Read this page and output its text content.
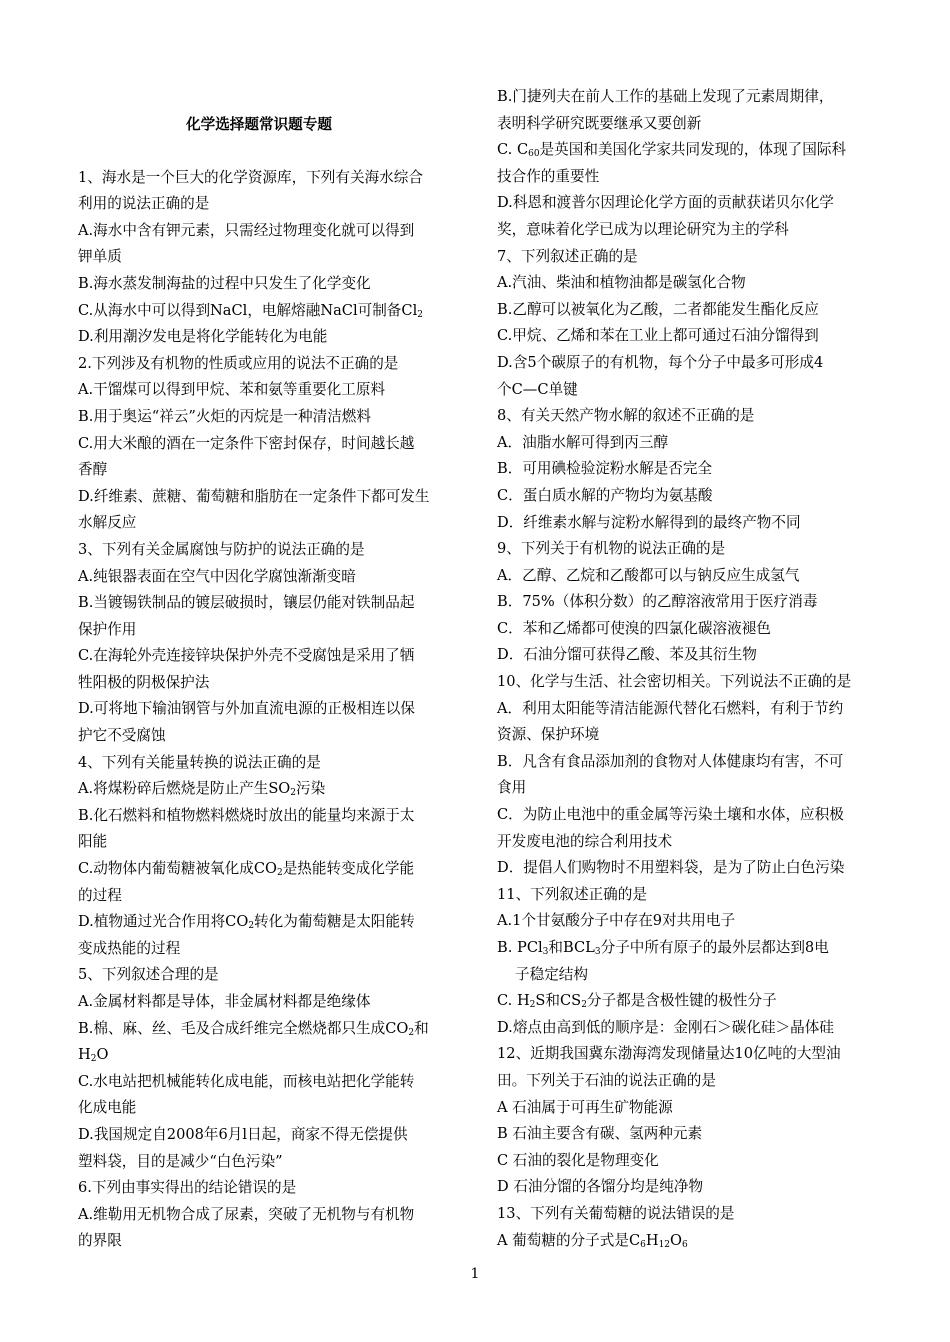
化学选择题常识题专题
1、海水是一个巨大的化学资源库，下列有关海水综合
利用的说法正确的是
A.海水中含有钾元素，只需经过物理变化就可以得到
钾单质
B.海水蒸发制海盐的过程中只发生了化学变化
C.从海水中可以得到NaCl，电解熔融NaCl可制备$Cl_2$
D.利用潮汐发电是将化学能转化为电能
2.下列涉及有机物的性质或应用的说法不正确的是
A.干馏煤可以得到甲烷、苯和氨等重要化工原料
B.用于奥运“祥云”火炬的丙烷是一种清洁燃料
C.用大米酿的酒在一定条件下密封保存，时间越长越
香醇
D.纤维素、蔗糖、葡萄糖和脂肪在一定条件下都可发生
水解反应
3、下列有关金属腐蚀与防护的说法正确的是
A.纯银器表面在空气中因化学腐蚀渐渐变暗
B.当镀锡铁制品的镀层破损时，镶层仍能对铁制品起
保护作用
C.在海轮外壳连接锌块保护外壳不受腐蚀是采用了牺
牲阳极的阴极保护法
D.可将地下输油钢管与外加直流电源的正极相连以保
护它不受腐蚀
4、下列有关能量转换的说法正确的是
A.将煤粉碎后燃烧是防止产生$SO_2$污染
B.化石燃料和植物燃料燃烧时放出的能量均来源于太
阳能
C.动物体内葡萄糖被氧化成$CO_2$是热能转变成化学能
的过程
D.植物通过光合作用将$CO_2$转化为葡萄糖是太阳能转
变成热能的过程
5、下列叙述合理的是
A.金属材料都是导体，非金属材料都是绝缘体
B.棉、麻、丝、毛及合成纤维完全燃烧都只生成$CO_2$和
$H_2O$
C.水电站把机械能转化成电能，而核电站把化学能转
化成电能
D.我国规定自2008年6月l日起，商家不得无偿提供
塑料袋，目的是减少“白色污染”
6.下列由事实得出的结论错误的是
A.维勒用无机物合成了尿素，突破了无机物与有机物
的界限
B.门捷列夫在前人工作的基础上发现了元素周期律，
表明科学研究既要继承又要创新
C. $C_{60}$是英国和美国化学家共同发现的，体现了国际科
技合作的重要性
D.科恩和渡普尔因理论化学方面的贡献获诺贝尔化学
奖，意味着化学已成为以理论研究为主的学科
7、下列叙述正确的是
A.汽油、柴油和植物油都是碳氢化合物
B.乙醇可以被氧化为乙酸，二者都能发生酯化反应
C.甲烷、乙烯和苯在工业上都可通过石油分馏得到
D.含5个碳原子的有机物，每个分子中最多可形成4
个C—C单键
8、有关天然产物水解的叙述不正确的是
A．油脂水解可得到丙三醇
B．可用碘检验淀粉水解是否完全
C．蛋白质水解的产物均为氨基酸
D．纤维素水解与淀粉水解得到的最终产物不同
9、下列关于有机物的说法正确的是
A．乙醇、乙烷和乙酸都可以与钠反应生成氢气
B．75%（体积分数）的乙醇溶液常用于医疗消毒
C．苯和乙烯都可使溴的四氯化碳溶液褪色
D．石油分馏可获得乙酸、苯及其衍生物
10、化学与生活、社会密切相关。下列说法不正确的是
A．利用太阳能等清洁能源代替化石燃料，有利于节约
资源、保护环境
B．凡含有食品添加剂的食物对人体健康均有害，不可
食用
C．为防止电池中的重金属等污染土壤和水体，应积极
开发废电池的综合利用技术
D．提倡人们购物时不用塑料袋，是为了防止白色污染
11、下列叙述正确的是
A.1个甘氨酸分子中存在9对共用电子
B. PCl$_3$和$BCL_3$分子中所有原子的最外层都达到8电
子稳定结构
C. $H_2S$和$CS_2$分子都是含极性键的极性分子
D.熔点由高到低的顺序是：金刚石＞碳化硅＞晶体硅
12、近期我国冀东渤海湾发现储量达10亿吨的大型油
田。下列关于石油的说法正确的是
A 石油属于可再生矿物能源
B 石油主要含有碳、氢两种元素
C 石油的裂化是物理变化
D 石油分馏的各馏分均是纯净物
13、下列有关葡萄糖的说法错误的是
A 葡萄糖的分子式是$C_6H_{12}O_6$
1
